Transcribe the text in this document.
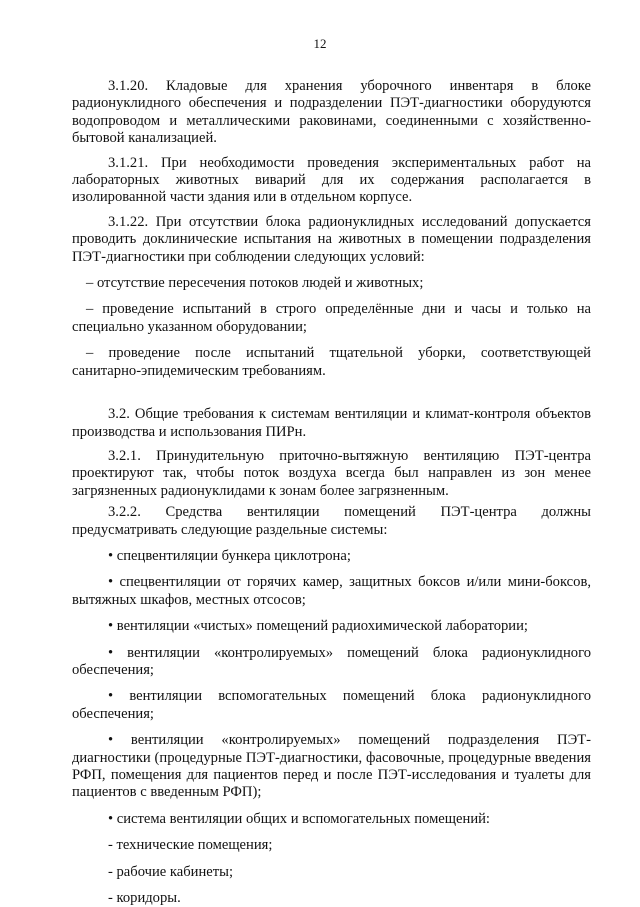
12

3.1.20. Кладовые для хранения уборочного инвентаря в блоке радионуклидного обеспечения и подразделении ПЭТ-диагностики оборудуются водопроводом и металлическими раковинами, соединенными с хозяйственно-бытовой канализацией.

3.1.21. При необходимости проведения экспериментальных работ на лабораторных животных виварий для их содержания располагается в изолированной части здания или в отдельном корпусе.

3.1.22. При отсутствии блока радионуклидных исследований допускается проводить доклинические испытания на животных в помещении подразделения ПЭТ-диагностики при соблюдении следующих условий:

– отсутствие пересечения потоков людей и животных;

– проведение испытаний в строго определённые дни и часы и только на специально указанном оборудовании;

– проведение после испытаний тщательной уборки, соответствующей санитарно-эпидемическим требованиям.

3.2. Общие требования к системам вентиляции и климат-контроля объектов производства и использования ПИРн.

3.2.1. Принудительную приточно-вытяжную вентиляцию ПЭТ-центра проектируют так, чтобы поток воздуха всегда был направлен из зон менее загрязненных радионуклидами к зонам более загрязненным.

3.2.2. Средства вентиляции помещений ПЭТ-центра должны предусматривать следующие раздельные системы:

• спецвентиляции бункера циклотрона;

• спецвентиляции от горячих камер, защитных боксов и/или мини-боксов, вытяжных шкафов, местных отсосов;

• вентиляции «чистых» помещений радиохимической лаборатории;

• вентиляции «контролируемых» помещений блока радионуклидного обеспечения;

• вентиляции вспомогательных помещений блока радионуклидного обеспечения;

• вентиляции «контролируемых» помещений подразделения ПЭТ-диагностики (процедурные ПЭТ-диагностики, фасовочные, процедурные введения РФП, помещения для пациентов перед и после ПЭТ-исследования и туалеты для пациентов с введенным РФП);

• система вентиляции общих и вспомогательных помещений:

- технические помещения;

- рабочие кабинеты;

- коридоры.
